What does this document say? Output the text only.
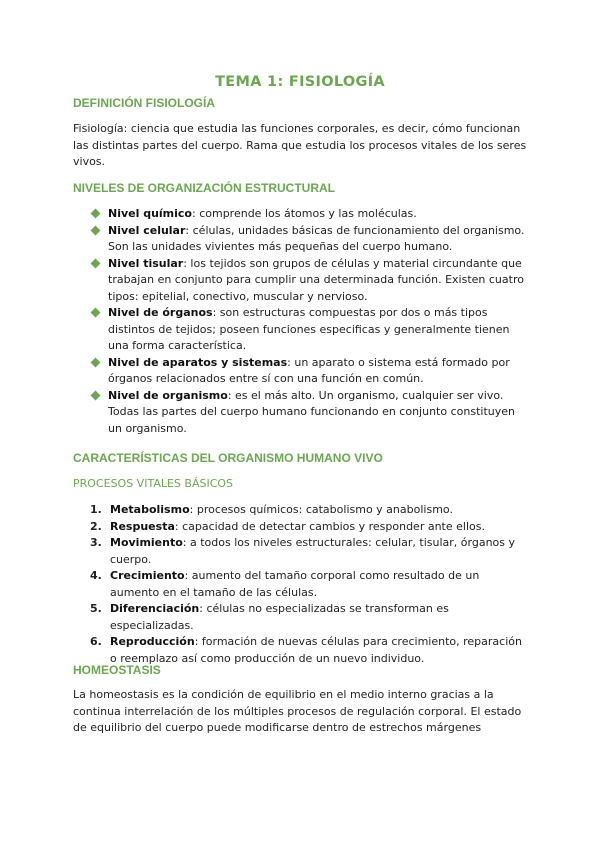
TEMA 1: FISIOLOGÍA
DEFINICIÓN FISIOLOGÍA

Fisiología: ciencia que estudia las funciones corporales, es decir, cómo funcionan las distintas partes del cuerpo. Rama que estudia los procesos vitales de los seres vivos.

NIVELES DE ORGANIZACIÓN ESTRUCTURAL
Nivel químico: comprende los átomos y las moléculas.
Nivel celular: células, unidades básicas de funcionamiento del organismo. Son las unidades vivientes más pequeñas del cuerpo humano.
Nivel tisular: los tejidos son grupos de células y material circundante que trabajan en conjunto para cumplir una determinada función. Existen cuatro tipos: epitelial, conectivo, muscular y nervioso.
Nivel de órganos: son estructuras compuestas por dos o más tipos distintos de tejidos; poseen funciones especificas y generalmente tienen una forma característica.
Nivel de aparatos y sistemas: un aparato o sistema está formado por órganos relacionados entre sí con una función en común.
Nivel de organismo: es el más alto. Un organismo, cualquier ser vivo. Todas las partes del cuerpo humano funcionando en conjunto constituyen un organismo.
CARACTERÍSTICAS DEL ORGANISMO HUMANO VIVO
PROCESOS VITALES BÁSICOS
1. Metabolismo: procesos químicos: catabolismo y anabolismo.
2. Respuesta: capacidad de detectar cambios y responder ante ellos.
3. Movimiento: a todos los niveles estructurales: celular, tisular, órganos y cuerpo.
4. Crecimiento: aumento del tamaño corporal como resultado de un aumento en el tamaño de las células.
5. Diferenciación: células no especializadas se transforman es especializadas.
6. Reproducción: formación de nuevas células para crecimiento, reparación o reemplazo así como producción de un nuevo individuo.
HOMEOSTASIS

La homeostasis es la condición de equilibrio en el medio interno gracias a la continua interrelación de los múltiples procesos de regulación corporal. El estado de equilibrio del cuerpo puede modificarse dentro de estrechos márgenes
